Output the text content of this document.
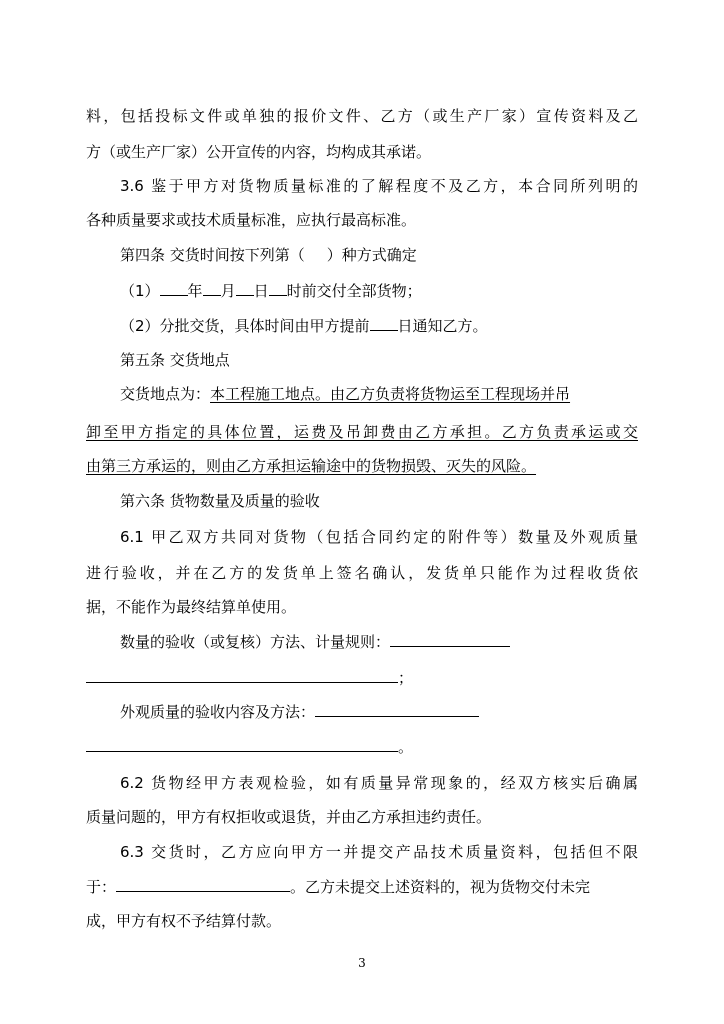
料，包括投标文件或单独的报价文件、乙方（或生产厂家）宣传资料及乙
方（或生产厂家）公开宣传的内容，均构成其承诺。
3.6 鉴于甲方对货物质量标准的了解程度不及乙方，本合同所列明的
各种质量要求或技术质量标准，应执行最高标准。
第四条 交货时间按下列第（ ）种方式确定
（1） 年 月 日 时前交付全部货物；
（2）分批交货，具体时间由甲方提前 日通知乙方。
第五条 交货地点
交货地点为：本工程施工地点。由乙方负责将货物运至工程现场并吊
卸至甲方指定的具体位置，运费及吊卸费由乙方承担。乙方负责承运或交
由第三方承运的，则由乙方承担运输途中的货物损毁、灭失的风险。
第六条 货物数量及质量的验收
6.1 甲乙双方共同对货物（包括合同约定的附件等）数量及外观质量
进行验收，并在乙方的发货单上签名确认，发货单只能作为过程收货依
据，不能作为最终结算单使用。
数量的验收（或复核）方法、计量规则：
；
外观质量的验收内容及方法：
。
6.2 货物经甲方表观检验，如有质量异常现象的，经双方核实后确属
质量问题的，甲方有权拒收或退货，并由乙方承担违约责任。
6.3 交货时，乙方应向甲方一并提交产品技术质量资料，包括但不限
于：	。乙方未提交上述资料的，视为货物交付未完
成，甲方有权不予结算付款。
3
